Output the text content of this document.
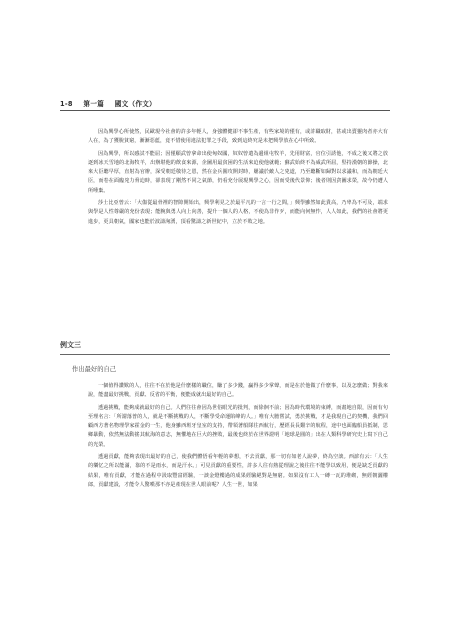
1-8 第一篇 國文（作文）

因為興學心所使然，民歐現今社會的許多年輕人，身強體健卻不事生產，有些家境的僅有，或許職取財，甚或出賣靈肉者亦大有人在，為了獲脫貧窮，漸漸惡藍，竟不惜使用違法犯罪之手段，致到這終究是未把興學放在心中所致。

因為興學，所以感試不能屈；因僅願武曾拿命出使匈奴國，奴奴曾遣為邊組屯牧羊，先用財富，官位引誘他，不成之後又將之放逐到冰天雪地的北海牧羊，出辦堪他的飲食來源，企圖用最貧困的生活來迫使他就範；蘇武始終不為威武所屈，堅持漢朝的節操，北來大臣聽早厚，直射為官辦，深受朝廷敬待之恩，然在金兵圍攻開封時，屢議於敵人之兇道，乃至聽斷如歸對以求議和，而為朝廷大臣，而卷在面臨兇力脅迫時，卻表現了剛然不同之氣節，仍看充分展現興學之心，因而受後代景仰；後者則因貪圖求榮，故今仍遭人所唾棄。

莎士比亞曾云：「大傷從最骨裡的智隙開始出，興學利見之於最平凡的一言一行之間，」興學雖然如此貴高，乃卑為不可及，端求與學是人性尊嚴的充份表現；能腕與勇人向上向善，提升一個人的人格，不使為非作歹，而能向何無怍，人人如此，我們的社會將更進步，更具朝氣，國家也能於波濤洶湧，頂看驚濤之新世紀中，立於不敗之地。

例文三
作出最好的自己

一個值得讚歎的人，往往不在於他是什麼樣的職位，賺了多少錢，贏得多少掌聲，而是在於他做了什麼事，以及怎麼做；對我來說，能盡最好挑戰，貢獻、反省的平衡，便能成就出最好的自己。

透過挑戰，能夠成就最好的自己。人們往往會因為世俗眼光的批判，而徐徊不前；因為時代環境的束縛，而畫地自限，因而有句至理名言：「所謂落普的人，就是不斷挑戰的人，不斷學受命運陷峰的人。」唯有大膽嘗試，勇於挑戰，才是我現自己的契機，我們回顧西方著名物理學家霍金的一生，他身雖西班牙皇室的支持，帶領著船隊往西航行，歷經長長艱辛的航程，途中也面臨船員抵制，思鄉暴動，依然無法動搖其航海的意志，無懼地在巨大的挫敗，最後也終於在世界證明「地球是圓的」出在人類科學研究史上寫下自己的光榮。

透過貢獻，能夠表現出最好的自己，使我們體悟看年輕的夢想，不去貢獻，那一切有如老人說夢，終為空談。西諺有云：「人生的樂忆之所以能滿，靠的不是雨水，而是汗水。」可見貢獻的重要性，許多人往有熱從理說之後往往不能學以致用，便是缺乏貢獻的結果，唯有貢獻，才能在過程中汲取豐富經驗，一談金燈樓過的成果經驗絕對是無窮。如果沒有工人一磚一瓦的堆砌，無經朝灑權郎，貢獻建設，才能令人驚嘆那不亦是產現在世人眼前呢？人生一世，如果
